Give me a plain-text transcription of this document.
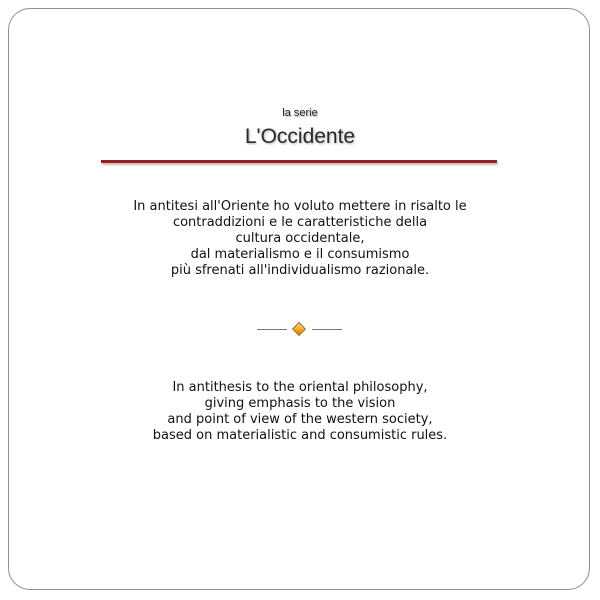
la serie
L'Occidente
In antitesi all'Oriente ho voluto mettere in risalto le
contraddizioni e le caratteristiche della
cultura occidentale,
dal materialismo e il consumismo
più sfrenati all'individualismo razionale.
In antithesis to the oriental philosophy,
giving emphasis to the vision
and point of view of the western society,
based on materialistic and consumistic rules.
